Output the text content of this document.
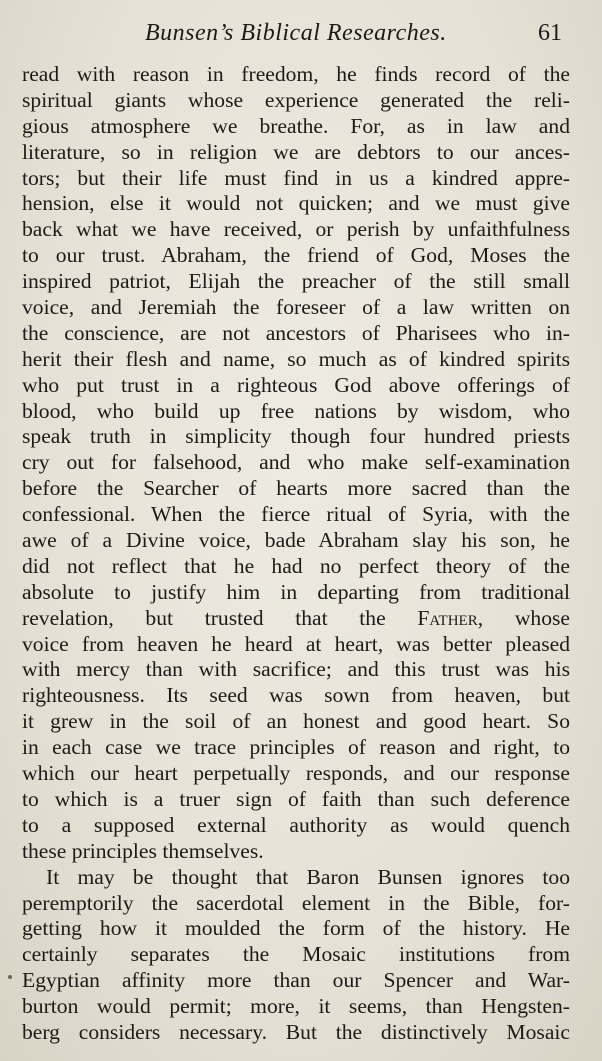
Bunsen’s Biblical Researches.	61
read with reason in freedom, he finds record of the
spiritual giants whose experience generated the reli-
gious atmosphere we breathe. For, as in law and
literature, so in religion we are debtors to our ances-
tors; but their life must find in us a kindred appre-
hension, else it would not quicken; and we must give
back what we have received, or perish by unfaithfulness
to our trust. Abraham, the friend of God, Moses the
inspired patriot, Elijah the preacher of the still small
voice, and Jeremiah the foreseer of a law written on
the conscience, are not ancestors of Pharisees who in-
herit their flesh and name, so much as of kindred spirits
who put trust in a righteous God above offerings of
blood, who build up free nations by wisdom, who
speak truth in simplicity though four hundred priests
cry out for falsehood, and who make self-examination
before the Searcher of hearts more sacred than the
confessional. When the fierce ritual of Syria, with the
awe of a Divine voice, bade Abraham slay his son, he
did not reflect that he had no perfect theory of the
absolute to justify him in departing from traditional
revelation, but trusted that the Father, whose
voice from heaven he heard at heart, was better pleased
with mercy than with sacrifice; and this trust was his
righteousness. Its seed was sown from heaven, but
it grew in the soil of an honest and good heart. So
in each case we trace principles of reason and right, to
which our heart perpetually responds, and our response
to which is a truer sign of faith than such deference
to a supposed external authority as would quench
these principles themselves.
It may be thought that Baron Bunsen ignores too
peremptorily the sacerdotal element in the Bible, for-
getting how it moulded the form of the history. He
certainly separates the Mosaic institutions from
Egyptian affinity more than our Spencer and War-
burton would permit; more, it seems, than Hengsten-
berg considers necessary. But the distinctively Mosaic
